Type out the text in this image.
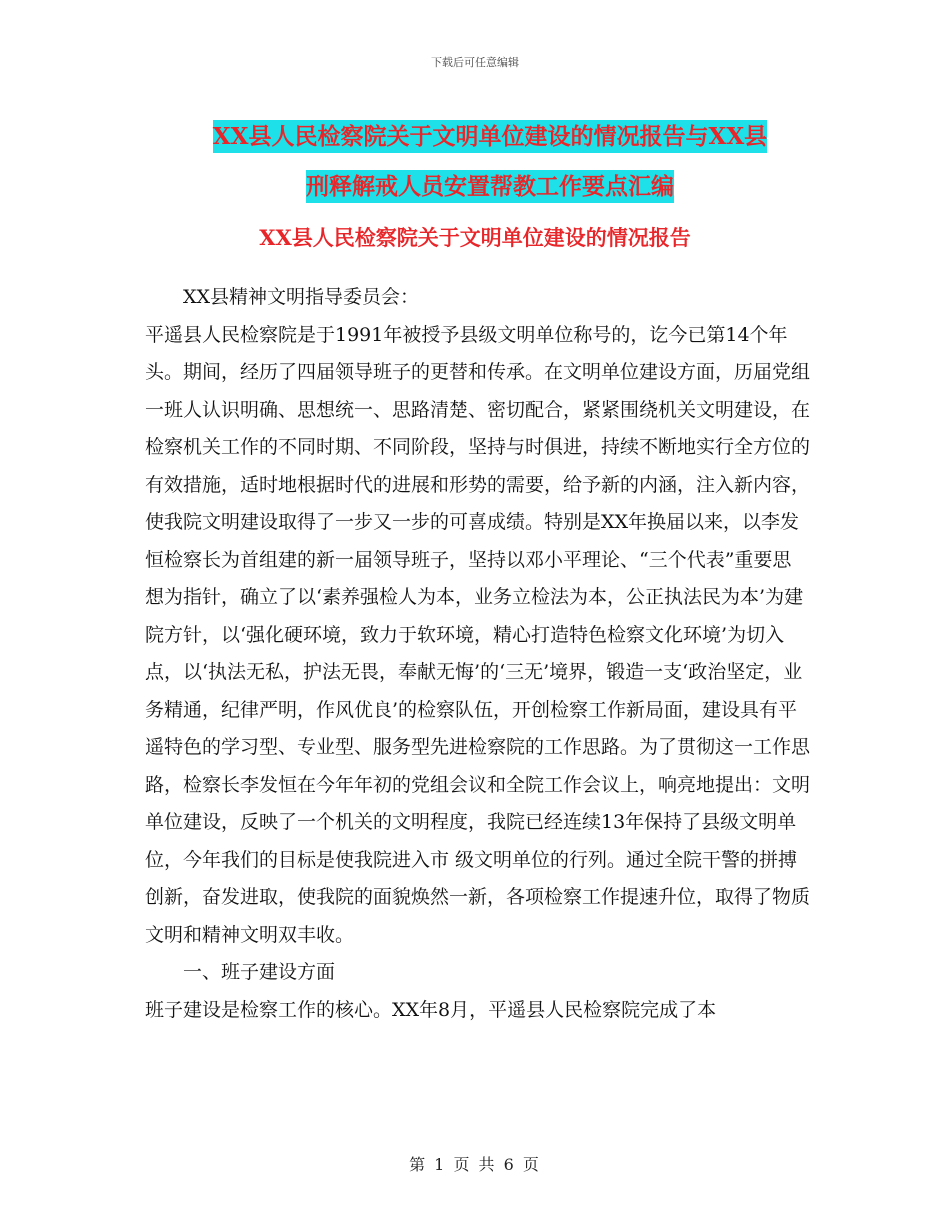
下载后可任意编辑
XX县人民检察院关于文明单位建设的情况报告与XX县
刑释解戒人员安置帮教工作要点汇编
XX县人民检察院关于文明单位建设的情况报告

XX县精神文明指导委员会：

平遥县人民检察院是于1991年被授予县级文明单位称号的，讫今已第14个年头。期间，经历了四届领导班子的更替和传承。在文明单位建设方面，历届党组一班人认识明确、思想统一、思路清楚、密切配合，紧紧围绕机关文明建设，在检察机关工作的不同时期、不同阶段，坚持与时俱进，持续不断地实行全方位的有效措施，适时地根据时代的进展和形势的需要，给予新的内涵，注入新内容，使我院文明建设取得了一步又一步的可喜成绩。特别是XX年换届以来，以李发恒检察长为首组建的新一届领导班子，坚持以邓小平理论、“三个代表”重要思想为指针，确立了以‘素养强检人为本，业务立检法为本，公正执法民为本’为建院方针，以‘强化硬环境，致力于软环境，精心打造特色检察文化环境’为切入点，以‘执法无私，护法无畏，奉献无悔’的‘三无’境界，锻造一支‘政治坚定，业务精通，纪律严明，作风优良’的检察队伍，开创检察工作新局面，建设具有平遥特色的学习型、专业型、服务型先进检察院的工作思路。为了贯彻这一工作思路，检察长李发恒在今年年初的党组会议和全院工作会议上，响亮地提出：文明单位建设，反映了一个机关的文明程度，我院已经连续13年保持了县级文明单位，今年我们的目标是使我院进入市 级文明单位的行列。通过全院干警的拼搏创新，奋发进取，使我院的面貌焕然一新，各项检察工作提速升位，取得了物质文明和精神文明双丰收。

一、班子建设方面

班子建设是检察工作的核心。XX年8月，平遥县人民检察院完成了本

第 1 页 共 6 页
